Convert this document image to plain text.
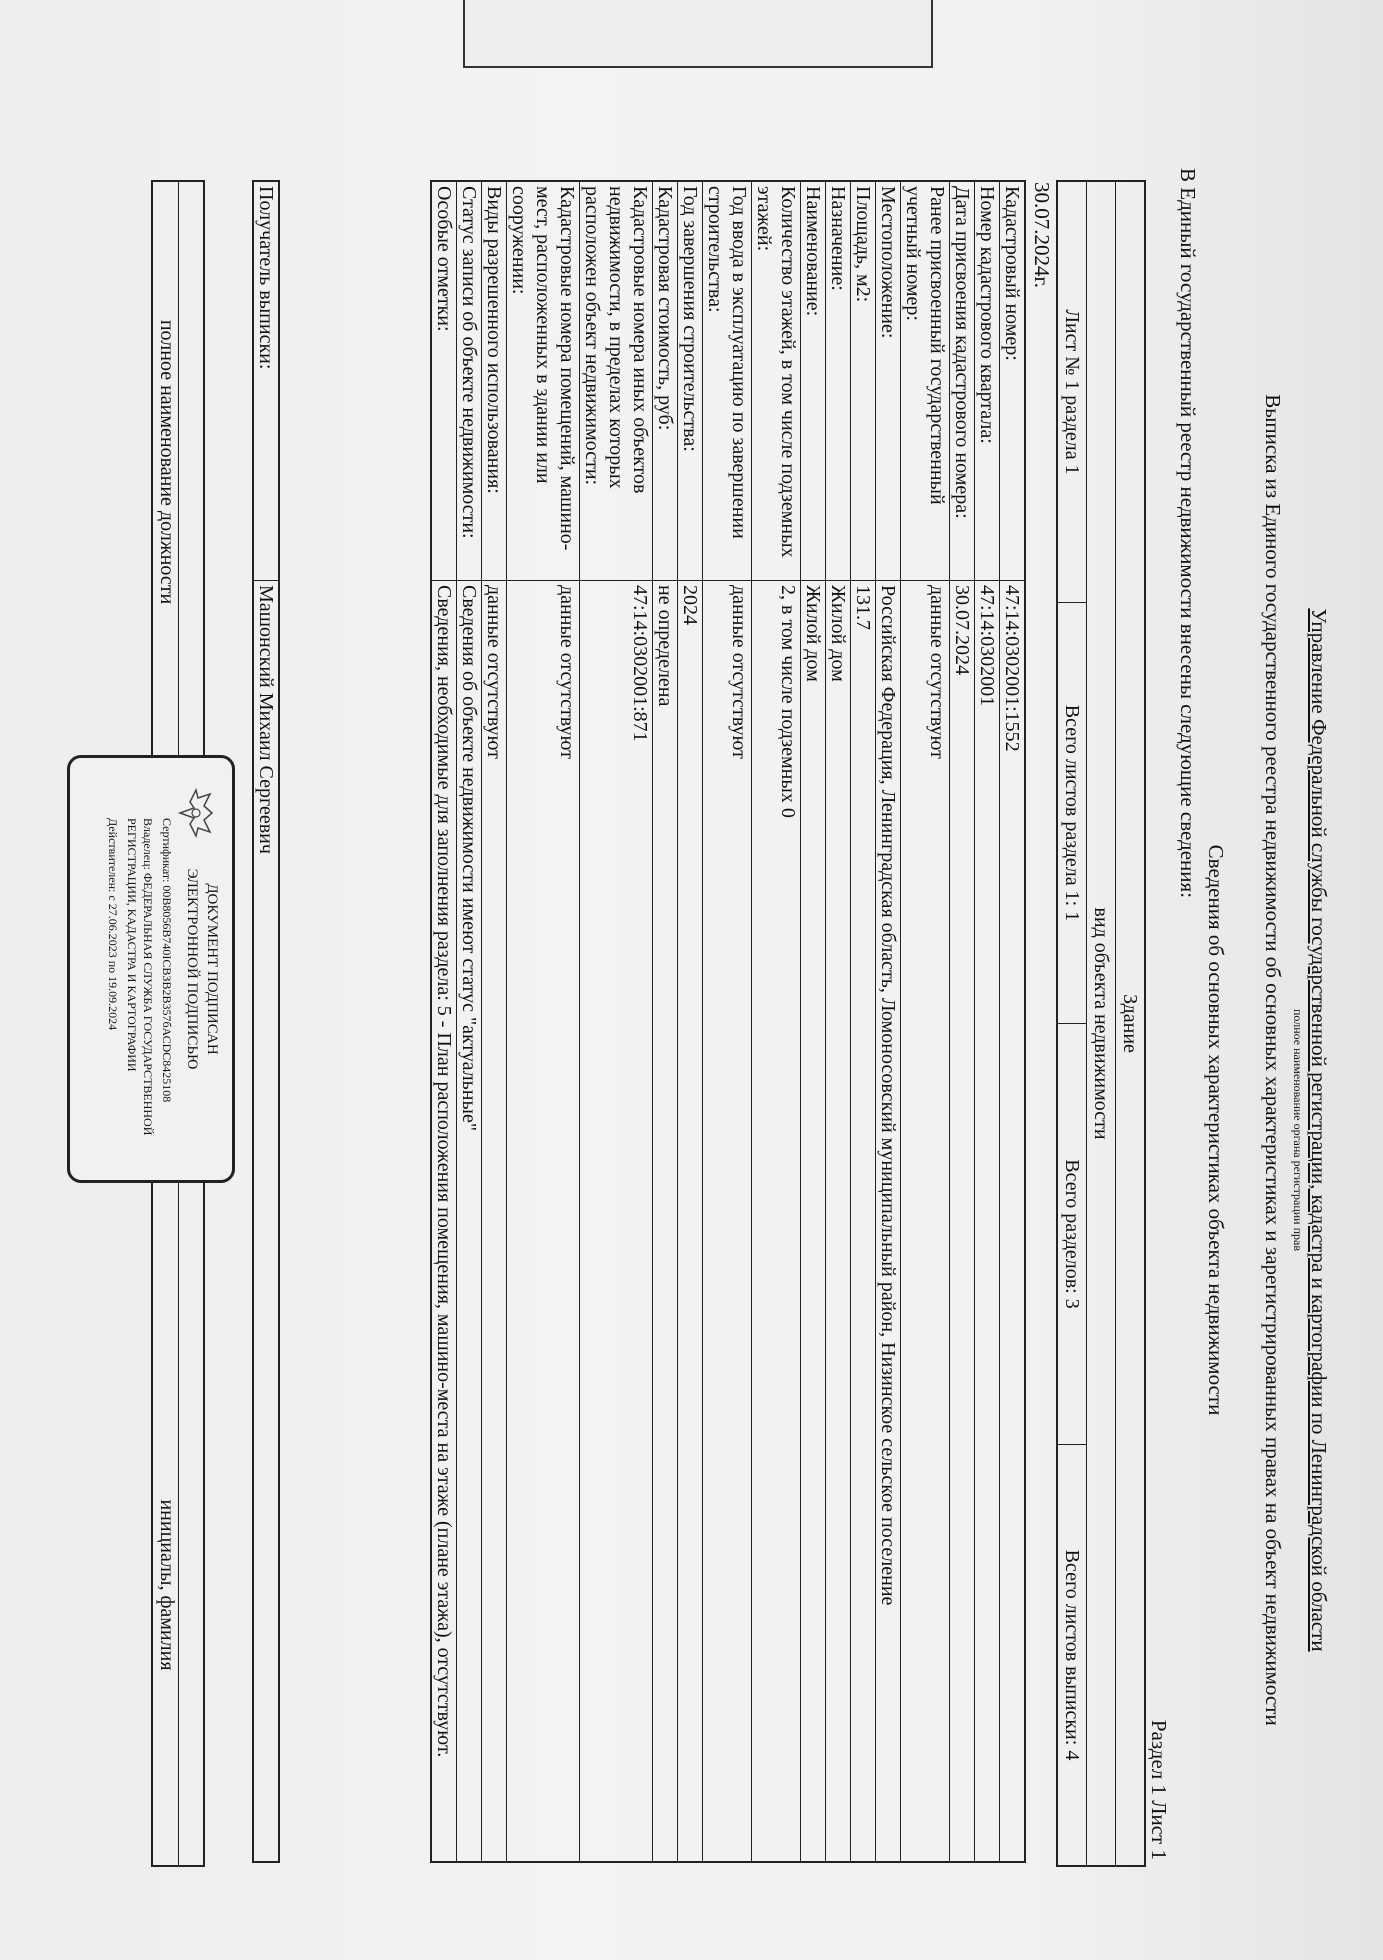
Управление Федеральной службы государственной регистрации, кадастра и картографии по Ленинградской области
полное наименование органа регистрации прав
Выписка из Единого государственного реестра недвижимости об основных характеристиках и зарегистрированных правах на объект недвижимости
Сведения об основных характеристиках объекта недвижимости
В Единый государственный реестр недвижимости внесены следующие сведения:
Раздел 1 Лист 1
Здание
вид объекта недвижимости
Лист № 1 раздела 1
Всего листов раздела 1: 1
Всего разделов: 3
Всего листов выписки: 4
30.07.2024г.
Кадастровый номер:	47:14:0302001:1552
Номер кадастрового квартала:	47:14:0302001
Дата присвоения кадастрового номера:	30.07.2024
Ранее присвоенный государственный учетный номер:	данные отсутствуют
Местоположение:	Российская Федерация, Ленинградская область, Ломоносовский муниципальный район, Низинское сельское поселение
Площадь, м2:	131.7
Назначение:	Жилой дом
Наименование:	Жилой дом
Количество этажей, в том числе подземных этажей:	2, в том числе подземных 0
Год ввода в эксплуатацию по завершении строительства:	данные отсутствуют
Год завершения строительства:	2024
Кадастровая стоимость, руб:	не определена
Кадастровые номера иных объектов недвижимости, в пределах которых расположен объект недвижимости:	47:14:0302001:871
Кадастровые номера помещений, машино-мест, расположенных в здании или сооружении:	данные отсутствуют
Виды разрешенного использования:	данные отсутствуют
Статус записи об объекте недвижимости:	Сведения об объекте недвижимости имеют статус "актуальные"
Особые отметки:	Сведения, необходимые для заполнения раздела: 5 - План расположения помещения, машино-места на этаже (плане этажа), отсутствуют.
Получатель выписки:	Машонский Михаил Сергеевич
полное наименование должности
инициалы, фамилия
ДОКУМЕНТ ПОДПИСАН
ЭЛЕКТРОННОЙ ПОДПИСЬЮ
Сертификат: 00B8056B740ІСВЗВ2В357бАСDС8425108
Владелец: ФЕДЕРАЛЬНАЯ СЛУЖБА ГОСУДАРСТВЕННОЙ РЕГИСТРАЦИИ, КАДАСТРА И КАРТОГРАФИИ
Действителен: с 27.06.2023 по 19.09.2024
